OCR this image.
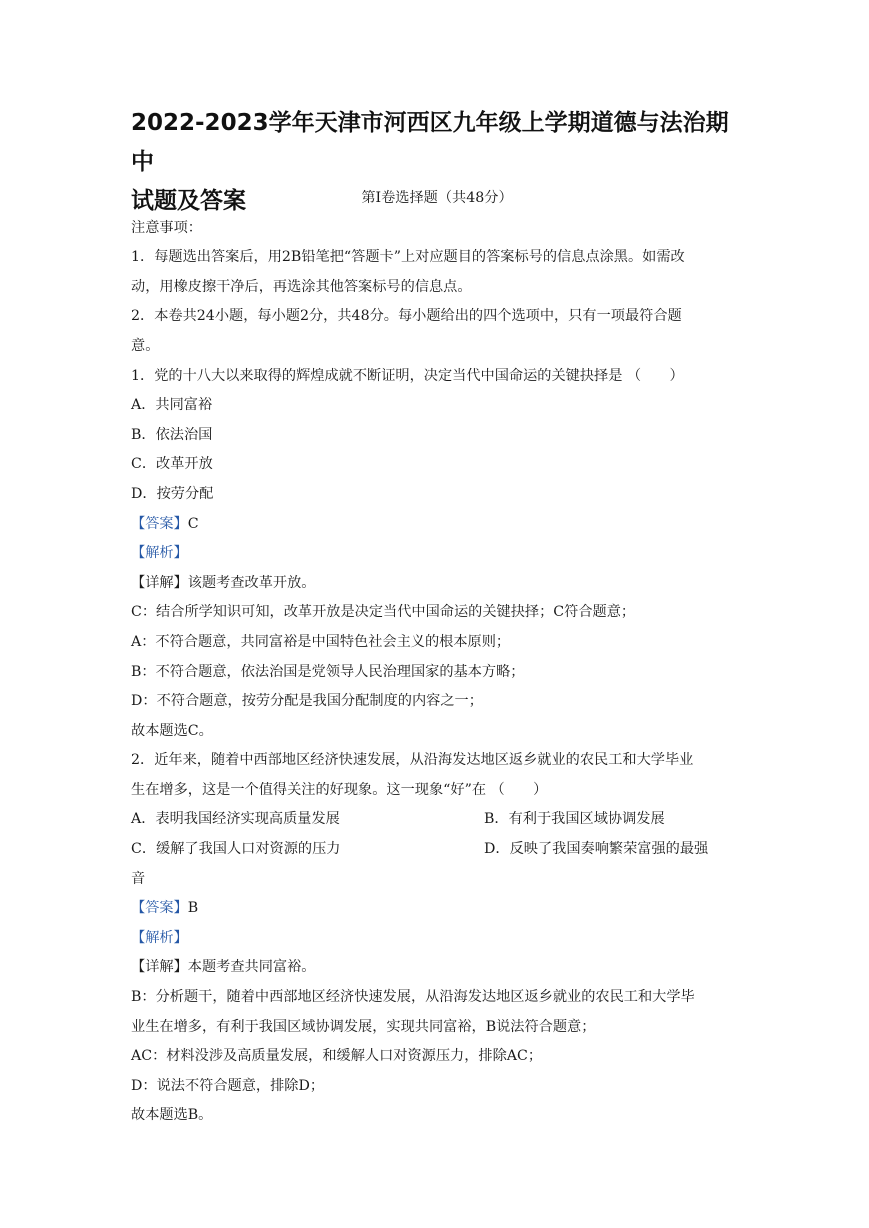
2022-2023学年天津市河西区九年级上学期道德与法治期中
试题及答案	第Ⅰ卷选择题（共48分）
注意事项：
1．每题选出答案后，用2B铅笔把“答题卡”上对应题目的答案标号的信息点涂黑。如需改
动，用橡皮擦干净后，再选涂其他答案标号的信息点。
2．本卷共24小题，每小题2分，共48分。每小题给出的四个选项中，只有一项最符合题
意。
1．党的十八大以来取得的辉煌成就不断证明，决定当代中国命运的关键抉择是 （　　）
A．共同富裕
B．依法治国
C．改革开放
D．按劳分配
【答案】C
【解析】
【详解】该题考查改革开放。
C：结合所学知识可知，改革开放是决定当代中国命运的关键抉择；C符合题意；
A：不符合题意，共同富裕是中国特色社会主义的根本原则；
B：不符合题意，依法治国是党领导人民治理国家的基本方略；
D：不符合题意，按劳分配是我国分配制度的内容之一；
故本题选C。
2．近年来，随着中西部地区经济快速发展，从沿海发达地区返乡就业的农民工和大学毕业
生在增多，这是一个值得关注的好现象。这一现象“好”在 （　　）
A．表明我国经济实现高质量发展	B．有利于我国区域协调发展
C．缓解了我国人口对资源的压力	D．反映了我国奏响繁荣富强的最强
音
【答案】B
【解析】
【详解】本题考查共同富裕。
B：分析题干，随着中西部地区经济快速发展，从沿海发达地区返乡就业的农民工和大学毕
业生在增多，有利于我国区域协调发展，实现共同富裕，B说法符合题意；
AC：材料没涉及高质量发展，和缓解人口对资源压力，排除AC；
D：说法不符合题意，排除D；
故本题选B。
